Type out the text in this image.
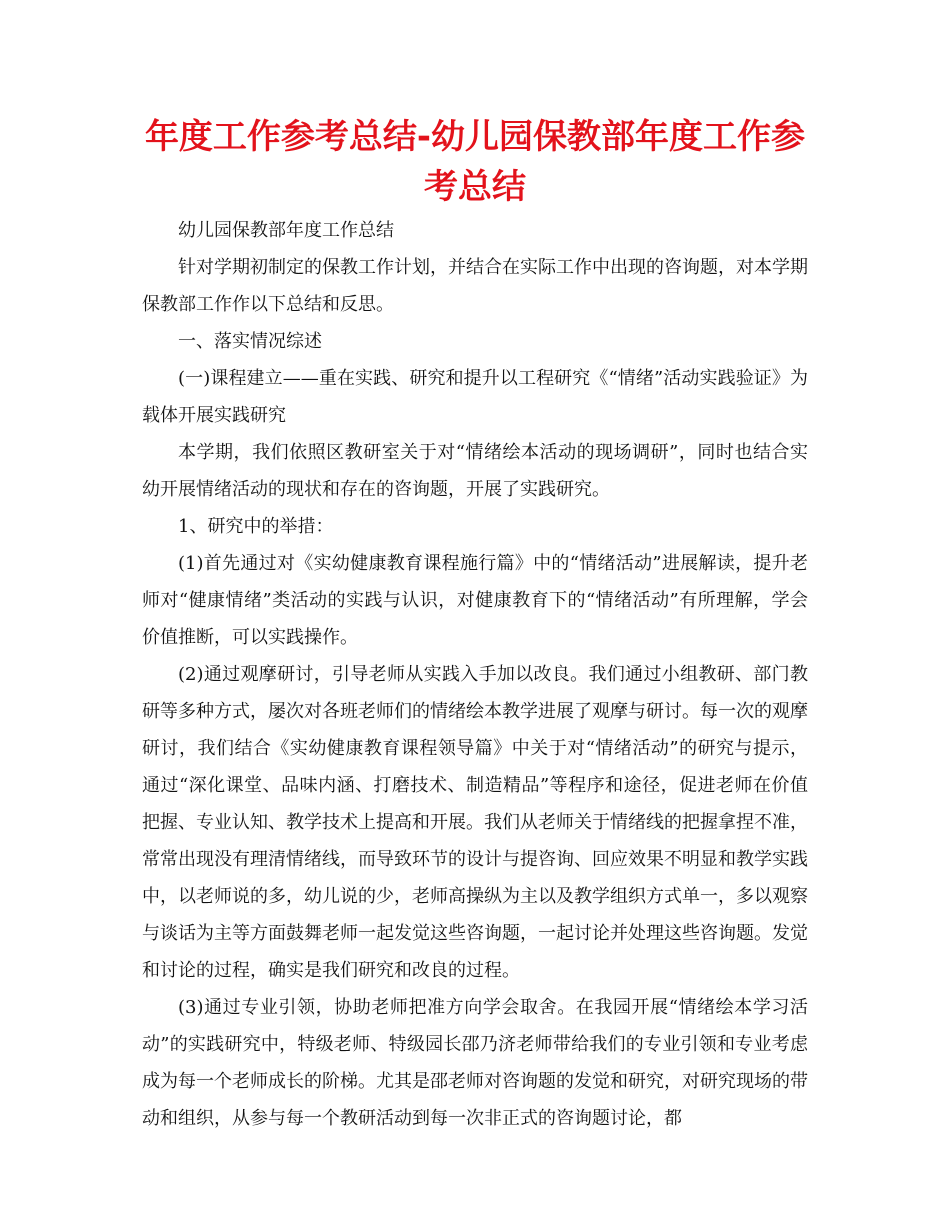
年度工作参考总结-幼儿园保教部年度工作参考总结

幼儿园保教部年度工作总结

针对学期初制定的保教工作计划，并结合在实际工作中出现的咨询题，对本学期保教部工作作以下总结和反思。

一、落实情况综述

(一)课程建立——重在实践、研究和提升以工程研究《“情绪”活动实践验证》为载体开展实践研究

本学期，我们依照区教研室关于对“情绪绘本活动的现场调研”，同时也结合实幼开展情绪活动的现状和存在的咨询题，开展了实践研究。

1、研究中的举措：

(1)首先通过对《实幼健康教育课程施行篇》中的“情绪活动”进展解读，提升老师对“健康情绪”类活动的实践与认识，对健康教育下的“情绪活动”有所理解，学会价值推断，可以实践操作。

(2)通过观摩研讨，引导老师从实践入手加以改良。我们通过小组教研、部门教研等多种方式，屡次对各班老师们的情绪绘本教学进展了观摩与研讨。每一次的观摩研讨，我们结合《实幼健康教育课程领导篇》中关于对“情绪活动”的研究与提示，通过“深化课堂、品味内涵、打磨技术、制造精品”等程序和途径，促进老师在价值把握、专业认知、教学技术上提高和开展。我们从老师关于情绪线的把握拿捏不准，常常出现没有理清情绪线，而导致环节的设计与提咨询、回应效果不明显和教学实践中，以老师说的多，幼儿说的少，老师高操纵为主以及教学组织方式单一，多以观察与谈话为主等方面鼓舞老师一起发觉这些咨询题，一起讨论并处理这些咨询题。发觉和讨论的过程，确实是我们研究和改良的过程。

(3)通过专业引领，协助老师把准方向学会取舍。在我园开展“情绪绘本学习活动”的实践研究中，特级老师、特级园长邵乃济老师带给我们的专业引领和专业考虑成为每一个老师成长的阶梯。尤其是邵老师对咨询题的发觉和研究，对研究现场的带动和组织，从参与每一个教研活动到每一次非正式的咨询题讨论，都
